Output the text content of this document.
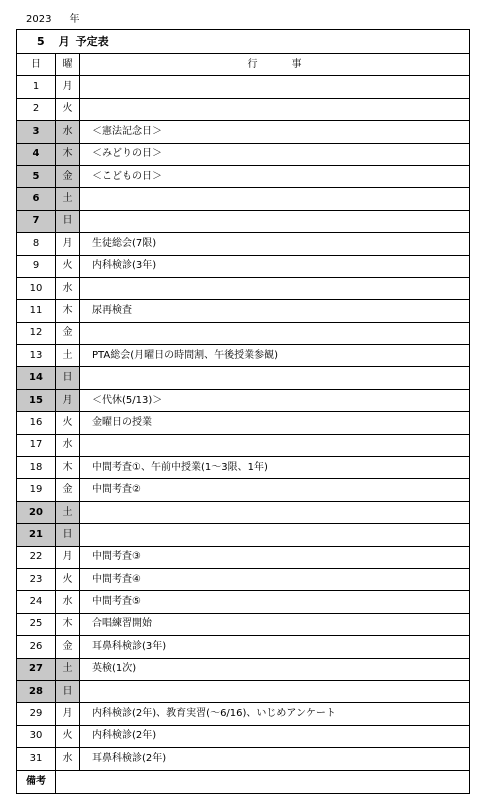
2023 年
5 月 予定表		
日	曜	行 事
1	月	
2	火	
3	水	＜憲法記念日＞
4	木	＜みどりの日＞
5	金	＜こどもの日＞
6	土	
7	日	
8	月	生徒総会(7限)
9	火	内科検診(3年)
10	水	
11	木	尿再検査
12	金	
13	土	PTA総会(月曜日の時間割、午後授業参観)
14	日	
15	月	＜代休(5/13)＞
16	火	金曜日の授業
17	水	
18	木	中間考査①、午前中授業(1～3限、1年)
19	金	中間考査②
20	土	
21	日	
22	月	中間考査③
23	火	中間考査④
24	水	中間考査⑤
25	木	合唱練習開始
26	金	耳鼻科検診(3年)
27	土	英検(1次)
28	日	
29	月	内科検診(2年)、教育実習(～6/16)、いじめアンケート
30	火	内科検診(2年)
31	水	耳鼻科検診(2年)
備考		
